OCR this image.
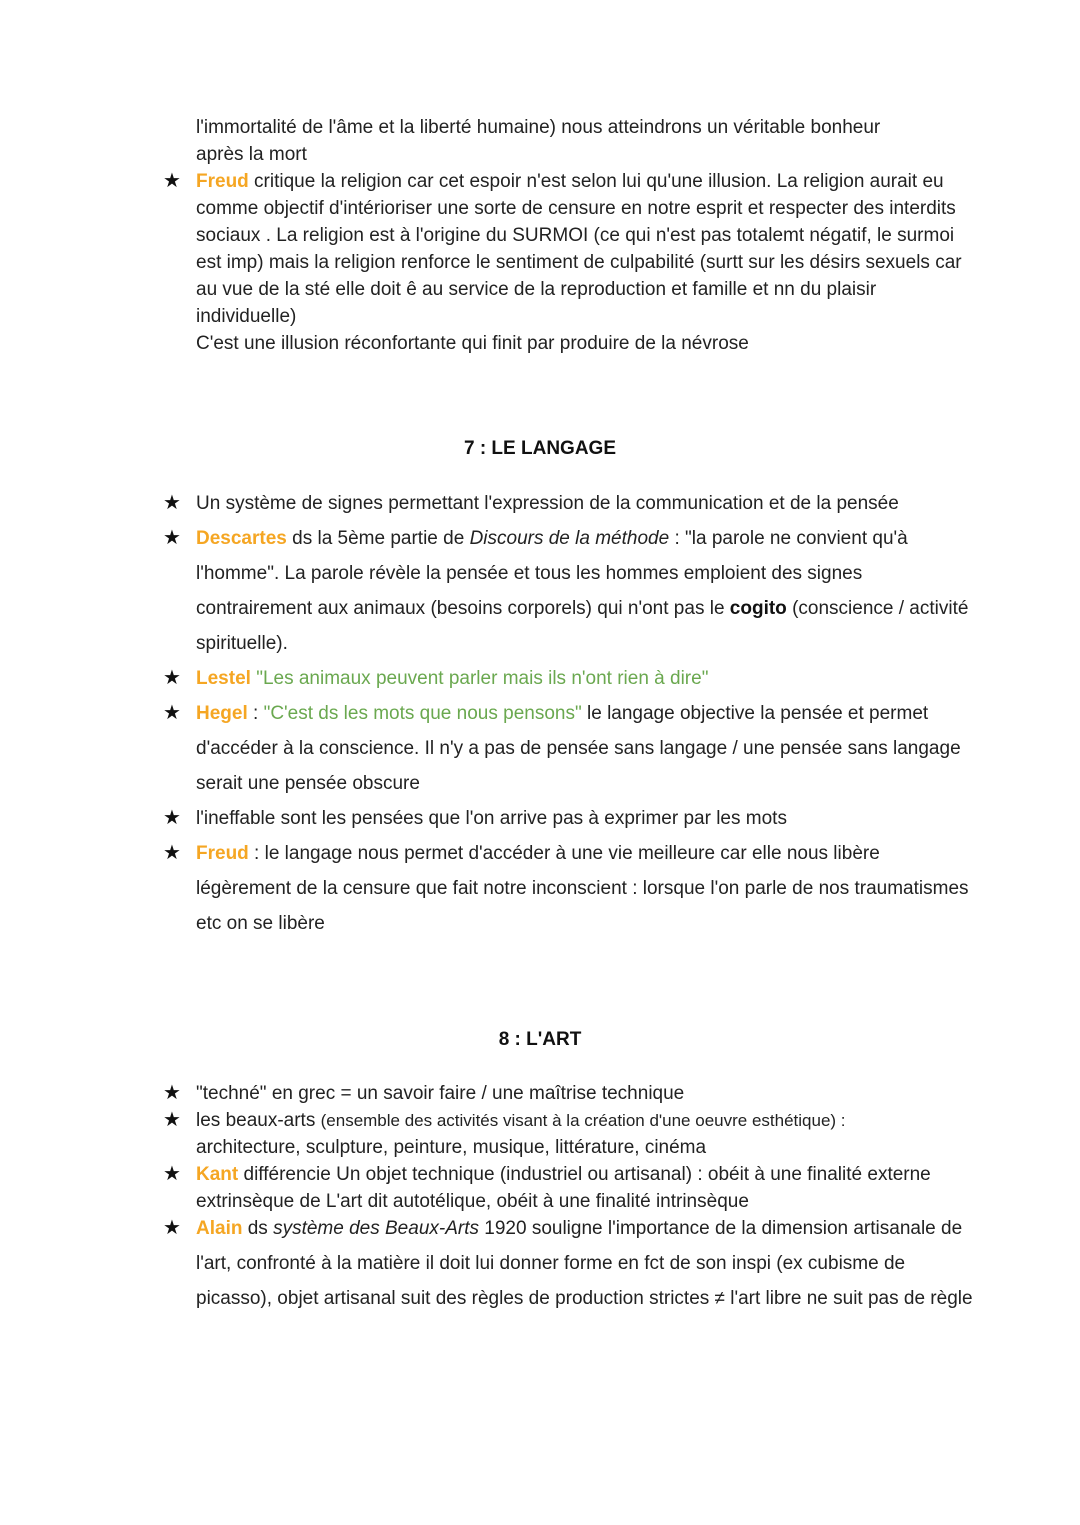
l'immortalité de l'âme et la liberté humaine) nous atteindrons un véritable bonheur
après la mort
★ Freud critique la religion car cet espoir n'est selon lui qu'une illusion. La religion aurait eu comme objectif d'intérioriser une sorte de censure en notre esprit et respecter des interdits sociaux . La religion est à l'origine du SURMOI (ce qui n'est pas totalemt négatif, le surmoi est imp) mais la religion renforce le sentiment de culpabilité (surtt sur les désirs sexuels car au vue de la sté elle doit ê au service de la reproduction et famille et nn du plaisir individuelle)
C'est une illusion réconfortante qui finit par produire de la névrose
7 : LE LANGAGE
★ Un système de signes permettant l'expression de la communication et de la pensée
★ Descartes ds la 5ème partie de Discours de la méthode : "la parole ne convient qu'à l'homme". La parole révèle la pensée et tous les hommes emploient des signes contrairement aux animaux (besoins corporels) qui n'ont pas le cogito (conscience / activité spirituelle).
★ Lestel "Les animaux peuvent parler mais ils n'ont rien à dire"
★ Hegel : "C'est ds les mots que nous pensons" le langage objective la pensée et permet d'accéder à la conscience. Il n'y a pas de pensée sans langage / une pensée sans langage serait une pensée obscure
★ l'ineffable sont les pensées que l'on arrive pas à exprimer par les mots
★ Freud : le langage nous permet d'accéder à une vie meilleure car elle nous libère légèrement de la censure que fait notre inconscient : lorsque l'on parle de nos traumatismes etc on se libère
8 : L'ART
★ "techné" en grec = un savoir faire / une maîtrise technique
★ les beaux-arts (ensemble des activités visant à la création d'une oeuvre esthétique) :
architecture, sculpture, peinture, musique, littérature, cinéma
★ Kant différencie Un objet technique (industriel ou artisanal) : obéit à une finalité externe extrinsèque de L'art dit autotélique, obéit à une finalité intrinsèque
★ Alain ds système des Beaux-Arts 1920 souligne l'importance de la dimension artisanale de l'art, confronté à la matière il doit lui donner forme en fct de son inspi (ex cubisme de picasso), objet artisanal suit des règles de production strictes ≠ l'art libre ne suit pas de règle
